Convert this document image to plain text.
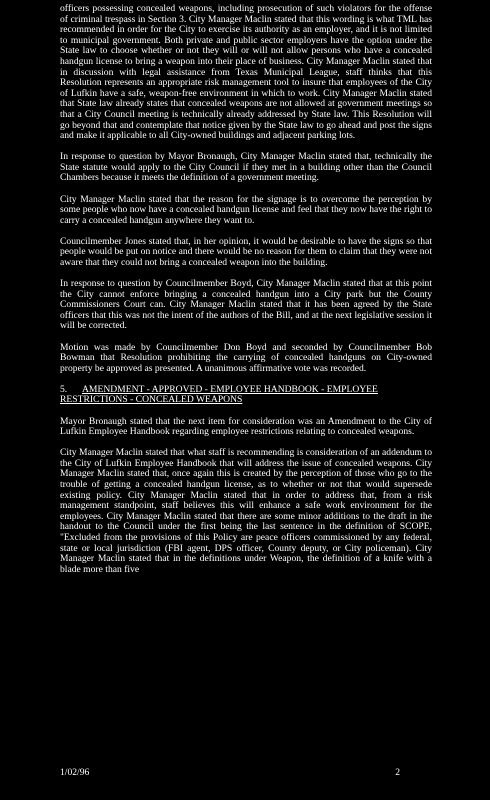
officers possessing concealed weapons, including prosecution of such violators for the offense of criminal trespass in Section 3. City Manager Maclin stated that this wording is what TML has recommended in order for the City to exercise its authority as an employer, and it is not limited to municipal government. Both private and public sector employers have the option under the State law to choose whether or not they will or will not allow persons who have a concealed handgun license to bring a weapon into their place of business. City Manager Maclin stated that in discussion with legal assistance from Texas Municipal League, staff thinks that this Resolution represents an appropriate risk management tool to insure that employees of the City of Lufkin have a safe, weapon-free environment in which to work. City Manager Maclin stated that State law already states that concealed weapons are not allowed at government meetings so that a City Council meeting is technically already addressed by State law. This Resolution will go beyond that and contemplate that notice given by the State law to go ahead and post the signs and make it applicable to all City-owned buildings and adjacent parking lots.

In response to question by Mayor Bronaugh, City Manager Maclin stated that, technically the State statute would apply to the City Council if they met in a building other than the Council Chambers because it meets the definition of a government meeting.

City Manager Maclin stated that the reason for the signage is to overcome the perception by some people who now have a concealed handgun license and feel that they now have the right to carry a concealed handgun anywhere they want to.

Councilmember Jones stated that, in her opinion, it would be desirable to have the signs so that people would be put on notice and there would be no reason for them to claim that they were not aware that they could not bring a concealed weapon into the building.

In response to question by Councilmember Boyd, City Manager Maclin stated that at this point the City cannot enforce bringing a concealed handgun into a City park but the County Commissioners Court can. City Manager Maclin stated that it has been agreed by the State officers that this was not the intent of the authors of the Bill, and at the next legislative session it will be corrected.

Motion was made by Councilmember Don Boyd and seconded by Councilmember Bob Bowman that Resolution prohibiting the carrying of concealed handguns on City-owned property be approved as presented. A unanimous affirmative vote was recorded.

5. AMENDMENT - APPROVED - EMPLOYEE HANDBOOK - EMPLOYEE RESTRICTIONS - CONCEALED WEAPONS

Mayor Bronaugh stated that the next item for consideration was an Amendment to the City of Lufkin Employee Handbook regarding employee restrictions relating to concealed weapons.

City Manager Maclin stated that what staff is recommending is consideration of an addendum to the City of Lufkin Employee Handbook that will address the issue of concealed weapons. City Manager Maclin stated that, once again this is created by the perception of those who go to the trouble of getting a concealed handgun license, as to whether or not that would supersede existing policy. City Manager Maclin stated that in order to address that, from a risk management standpoint, staff believes this will enhance a safe work environment for the employees. City Manager Maclin stated that there are some minor additions to the draft in the handout to the Council under the first being the last sentence in the definition of SCOPE, "Excluded from the provisions of this Policy are peace officers commissioned by any federal, state or local jurisdiction (FBI agent, DPS officer, County deputy, or City policeman). City Manager Maclin stated that in the definitions under Weapon, the definition of a knife with a blade more than five

1/02/96	2
